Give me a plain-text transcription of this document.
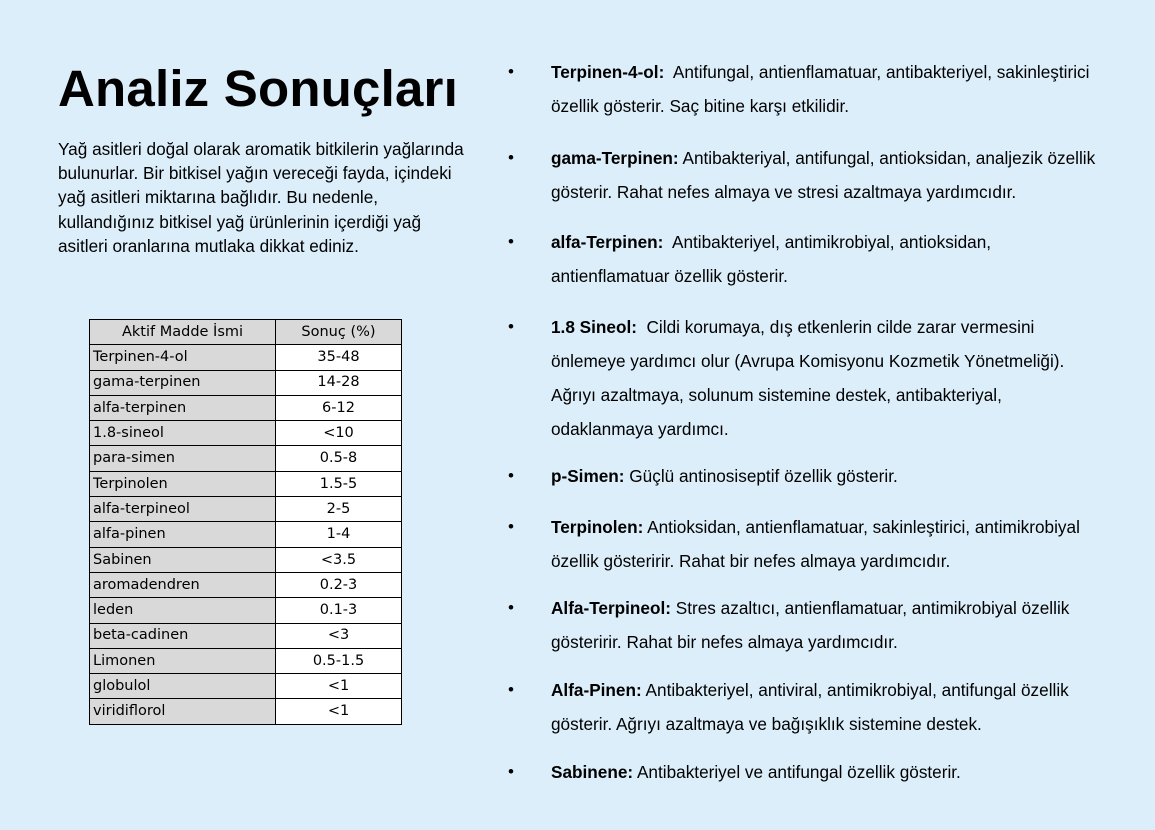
Analiz Sonuçları

Yağ asitleri doğal olarak aromatik bitkilerin yağlarında bulunurlar. Bir bitkisel yağın vereceği fayda, içindeki yağ asitleri miktarına bağlıdır. Bu nedenle, kullandığınız bitkisel yağ ürünlerinin içerdiği yağ asitleri oranlarına mutlaka dikkat ediniz.

Aktif Madde İsmi	Sonuç (%)
Terpinen-4-ol	35-48
gama-terpinen	14-28
alfa-terpinen	6-12
1.8-sineol	<10
para-simen	0.5-8
Terpinolen	1.5-5
alfa-terpineol	2-5
alfa-pinen	1-4
Sabinen	<3.5
aromadendren	0.2-3
leden	0.1-3
beta-cadinen	<3
Limonen	0.5-1.5
globulol	<1
viridiflorol	<1
• Terpinen-4-ol:  Antifungal, antienflamatuar, antibakteriyel, sakinleştirici özellik gösterir. Saç bitine karşı etkilidir.
• gama-Terpinen: Antibakteriyal, antifungal, antioksidan, analjezik özellik gösterir. Rahat nefes almaya ve stresi azaltmaya yardımcıdır.
• alfa-Terpinen:  Antibakteriyel, antimikrobiyal, antioksidan, antienflamatuar özellik gösterir.
• 1.8 Sineol:  Cildi korumaya, dış etkenlerin cilde zarar vermesini önlemeye yardımcı olur (Avrupa Komisyonu Kozmetik Yönetmeliği). Ağrıyı azaltmaya, solunum sistemine destek, antibakteriyal, odaklanmaya yardımcı.
• p-Simen: Güçlü antinosiseptif özellik gösterir.
• Terpinolen: Antioksidan, antienflamatuar, sakinleştirici, antimikrobiyal özellik gösteririr. Rahat bir nefes almaya yardımcıdır.
• Alfa-Terpineol: Stres azaltıcı, antienflamatuar, antimikrobiyal özellik gösteririr. Rahat bir nefes almaya yardımcıdır.
• Alfa-Pinen: Antibakteriyel, antiviral, antimikrobiyal, antifungal özellik gösterir. Ağrıyı azaltmaya ve bağışıklık sistemine destek.
• Sabinene: Antibakteriyel ve antifungal özellik gösterir.
